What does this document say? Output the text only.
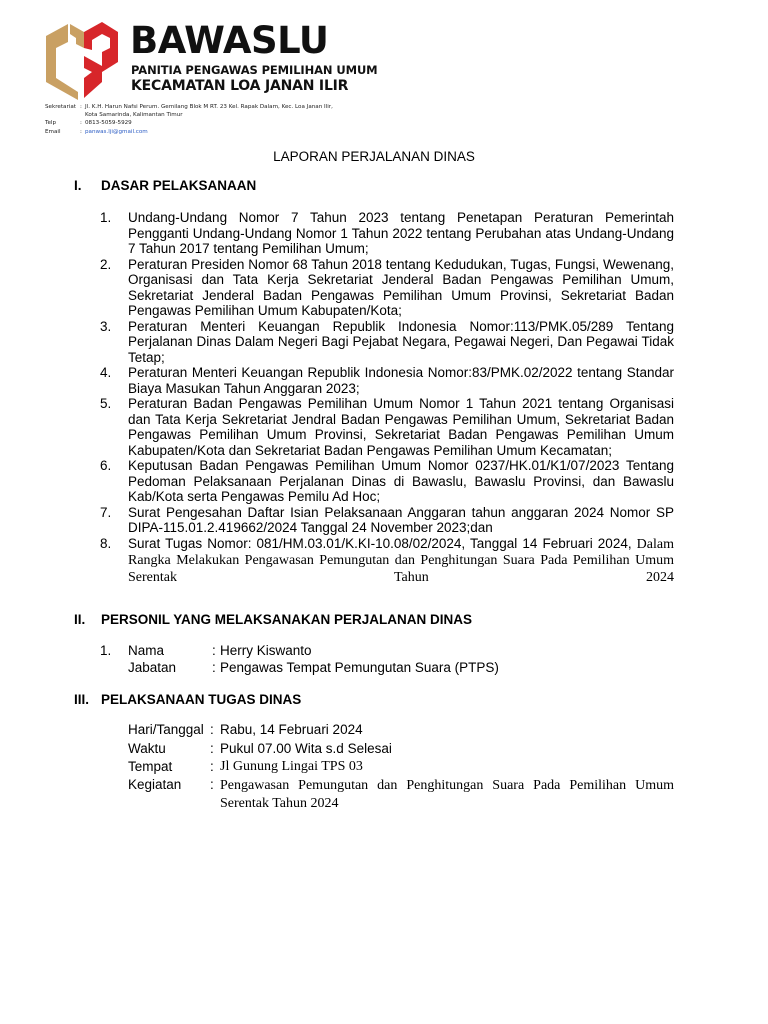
BAWASLU
PANITIA PENGAWAS PEMILIHAN UMUM
KECAMATAN LOA JANAN ILIR
Sekretariat : Jl. K.H. Harun Nafsi Perum. Gemilang Blok M RT. 23 Kel. Rapak Dalam, Kec. Loa Janan Ilir,
Kota Samarinda, Kalimantan Timur
Telp	: 0813-5059-5929
Email	: panwas.lji@gmail.com
LAPORAN PERJALANAN DINAS
I. DASAR PELAKSANAAN
1. Undang-Undang Nomor 7 Tahun 2023 tentang Penetapan Peraturan Pemerintah Pengganti Undang-Undang Nomor 1 Tahun 2022 tentang Perubahan atas Undang-Undang 7 Tahun 2017 tentang Pemilihan Umum;
2. Peraturan Presiden Nomor 68 Tahun 2018 tentang Kedudukan, Tugas, Fungsi, Wewenang, Organisasi dan Tata Kerja Sekretariat Jenderal Badan Pengawas Pemilihan Umum, Sekretariat Jenderal Badan Pengawas Pemilihan Umum Provinsi, Sekretariat Badan Pengawas Pemilihan Umum Kabupaten/Kota;
3. Peraturan Menteri Keuangan Republik Indonesia Nomor:113/PMK.05/289 Tentang Perjalanan Dinas Dalam Negeri Bagi Pejabat Negara, Pegawai Negeri, Dan Pegawai Tidak Tetap;
4. Peraturan Menteri Keuangan Republik Indonesia Nomor:83/PMK.02/2022 tentang Standar Biaya Masukan Tahun Anggaran 2023;
5. Peraturan Badan Pengawas Pemilihan Umum Nomor 1 Tahun 2021 tentang Organisasi dan Tata Kerja Sekretariat Jendral Badan Pengawas Pemilihan Umum, Sekretariat Badan Pengawas Pemilihan Umum Provinsi, Sekretariat Badan Pengawas Pemilihan Umum Kabupaten/Kota dan Sekretariat Badan Pengawas Pemilihan Umum Kecamatan;
6. Keputusan Badan Pengawas Pemilihan Umum Nomor 0237/HK.01/K1/07/2023 Tentang Pedoman Pelaksanaan Perjalanan Dinas di Bawaslu, Bawaslu Provinsi, dan Bawaslu Kab/Kota serta Pengawas Pemilu Ad Hoc;
7. Surat Pengesahan Daftar Isian Pelaksanaan Anggaran tahun anggaran 2024 Nomor SP DIPA-115.01.2.419662/2024 Tanggal 24 November 2023;dan
8. Surat Tugas Nomor: 081/HM.03.01/K.KI-10.08/02/2024, Tanggal 14 Februari 2024, Dalam Rangka Melakukan Pengawasan Pemungutan dan Penghitungan Suara Pada Pemilihan Umum Serentak Tahun 2024
II. PERSONIL YANG MELAKSANAKAN PERJALANAN DINAS
1. Nama	: Herry Kiswanto
Jabatan	: Pengawas Tempat Pemungutan Suara (PTPS)
III. PELAKSANAAN TUGAS DINAS
Hari/Tanggal : Rabu, 14 Februari 2024
Waktu	: Pukul 07.00 Wita s.d Selesai
Tempat	: Jl Gunung Lingai TPS 03
Kegiatan : Pengawasan Pemungutan dan Penghitungan Suara Pada Pemilihan Umum Serentak Tahun 2024
